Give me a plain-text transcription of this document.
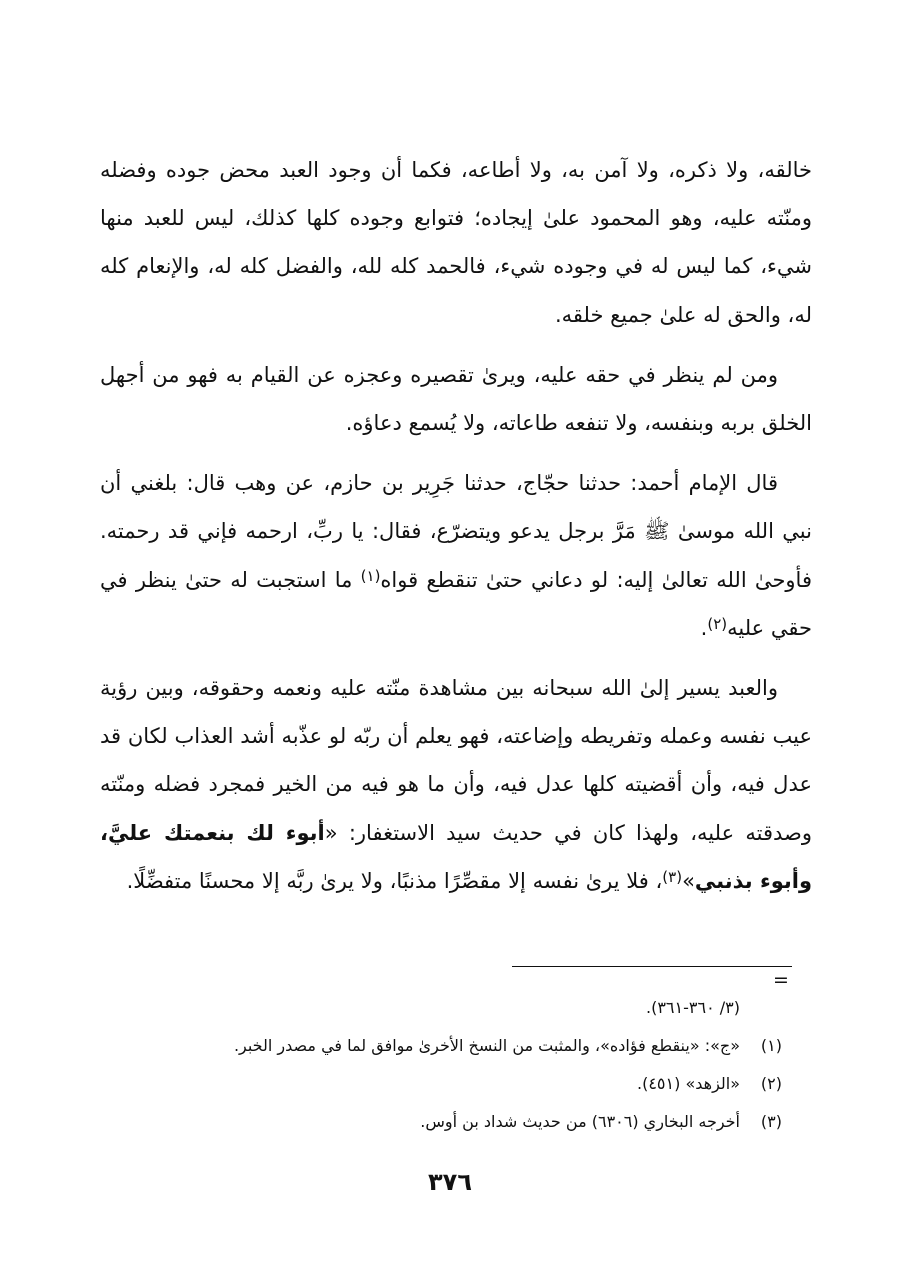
خالقه، ولا ذكره، ولا آمن به، ولا أطاعه، فكما أن وجود العبد محض جوده وفضله ومنّته عليه، وهو المحمود علىٰ إيجاده؛ فتوابع وجوده كلها كذلك، ليس للعبد منها شيء، كما ليس له في وجوده شيء، فالحمد كله لله، والفضل كله له، والإنعام كله له، والحق له علىٰ جميع خلقه.

ومن لم ينظر في حقه عليه، ويرىٰ تقصيره وعجزه عن القيام به فهو من أجهل الخلق بربه وبنفسه، ولا تنفعه طاعاته، ولا يُسمع دعاؤه.

قال الإمام أحمد: حدثنا حجّاج، حدثنا جَرِير بن حازم، عن وهب قال: بلغني أن نبي الله موسىٰ ﷺ مَرَّ برجل يدعو ويتضرّع، فقال: يا ربِّ، ارحمه فإني قد رحمته. فأوحىٰ الله تعالىٰ إليه: لو دعاني حتىٰ تنقطع قواه$^{(١)}$ ما استجبت له حتىٰ ينظر في حقي عليه$^{(٢)}$.

والعبد يسير إلىٰ الله سبحانه بين مشاهدة منّته عليه ونعمه وحقوقه، وبين رؤية عيب نفسه وعمله وتفريطه وإضاعته، فهو يعلم أن ربّه لو عذّبه أشد العذاب لكان قد عدل فيه، وأن أقضيته كلها عدل فيه، وأن ما هو فيه من الخير فمجرد فضله ومنّته وصدقته عليه، ولهذا كان في حديث سيد الاستغفار: «أبوء لك بنعمتك عليَّ، وأبوء بذنبي»$^{(٣)}$، فلا يرىٰ نفسه إلا مقصِّرًا مذنبًا، ولا يرىٰ ربَّه إلا محسنًا متفضِّلًا.

=
(٣/ ٣٦٠-٣٦١).
(١)«ج»: «ينقطع فؤاده»، والمثبت من النسخ الأخرىٰ موافق لما في مصدر الخبر.
(٢)«الزهد» (٤٥١).
(٣)أخرجه البخاري (٦٣٠٦) من حديث شداد بن أوس.
٣٧٦
